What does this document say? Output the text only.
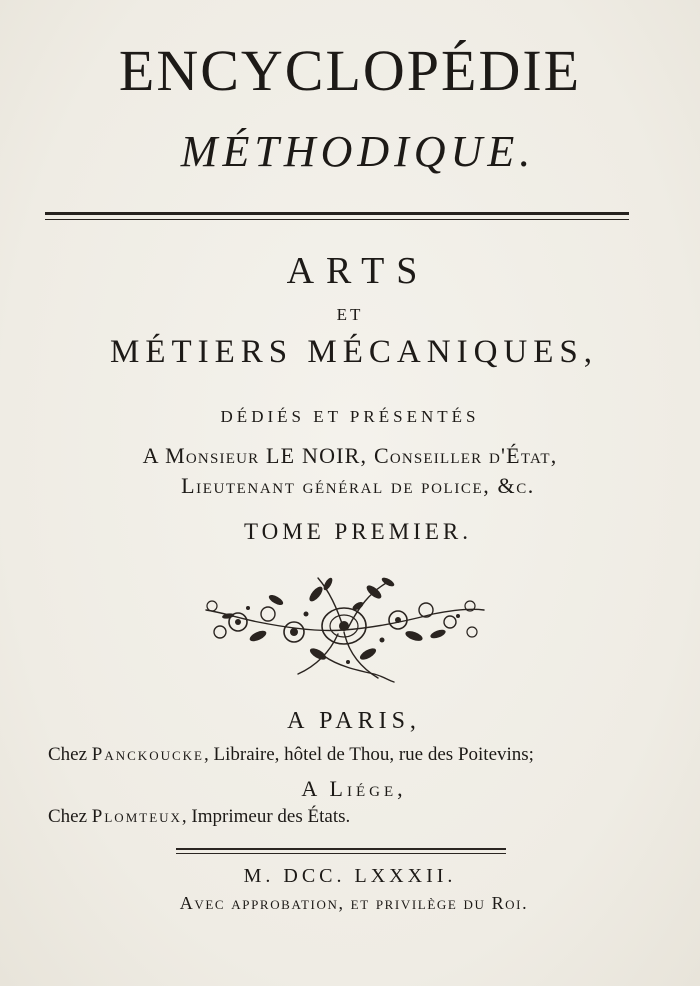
ENCYCLOPÉDIE
MÉTHODIQUE.
ARTS
ET
MÉTIERS MÉCANIQUES,
DÉDIÉS ET PRÉSENTÉS
A Monsieur LE NOIR, Conseiller d'État,
Lieutenant général de police, &c.
TOME PREMIER.
A PARIS,
Chez Panckoucke, Libraire, hôtel de Thou, rue des Poitevins;
A Liége,
Chez Plomteux, Imprimeur des États.
M. DCC. LXXXII.
Avec approbation, et privilège du Roi.
